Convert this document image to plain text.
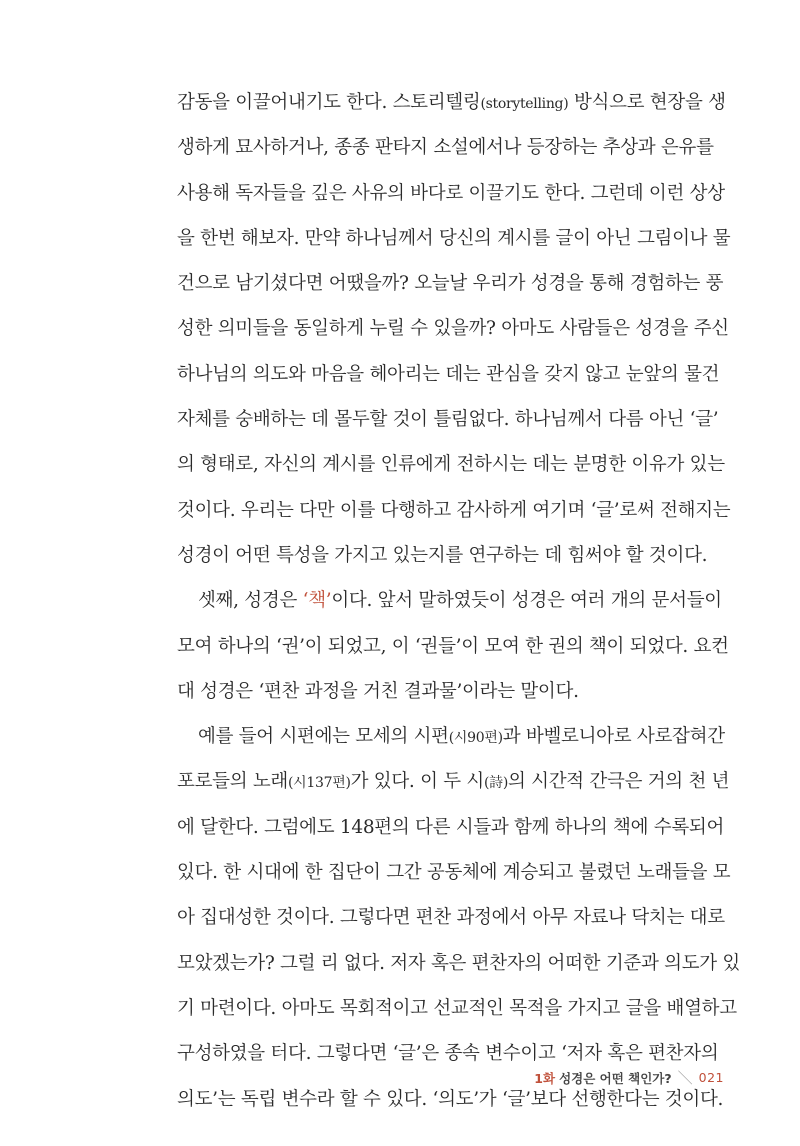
감동을 이끌어내기도 한다. 스토리텔링(storytelling) 방식으로 현장을 생
생하게 묘사하거나, 종종 판타지 소설에서나 등장하는 추상과 은유를
사용해 독자들을 깊은 사유의 바다로 이끌기도 한다. 그런데 이런 상상
을 한번 해보자. 만약 하나님께서 당신의 계시를 글이 아닌 그림이나 물
건으로 남기셨다면 어땠을까? 오늘날 우리가 성경을 통해 경험하는 풍
성한 의미들을 동일하게 누릴 수 있을까? 아마도 사람들은 성경을 주신
하나님의 의도와 마음을 헤아리는 데는 관심을 갖지 않고 눈앞의 물건
자체를 숭배하는 데 몰두할 것이 틀림없다. 하나님께서 다름 아닌 ‘글’
의 형태로, 자신의 계시를 인류에게 전하시는 데는 분명한 이유가 있는
것이다. 우리는 다만 이를 다행하고 감사하게 여기며 ‘글’로써 전해지는
성경이 어떤 특성을 가지고 있는지를 연구하는 데 힘써야 할 것이다.

셋째, 성경은 ‘책’이다. 앞서 말하였듯이 성경은 여러 개의 문서들이
모여 하나의 ‘권’이 되었고, 이 ‘권들’이 모여 한 권의 책이 되었다. 요컨
대 성경은 ‘편찬 과정을 거친 결과물’이라는 말이다.

예를 들어 시편에는 모세의 시편(시90편)과 바벨로니아로 사로잡혀간
포로들의 노래(시137편)가 있다. 이 두 시(詩)의 시간적 간극은 거의 천 년
에 달한다. 그럼에도 148편의 다른 시들과 함께 하나의 책에 수록되어
있다. 한 시대에 한 집단이 그간 공동체에 계승되고 불렸던 노래들을 모
아 집대성한 것이다. 그렇다면 편찬 과정에서 아무 자료나 닥치는 대로
모았겠는가? 그럴 리 없다. 저자 혹은 편찬자의 어떠한 기준과 의도가 있
기 마련이다. 아마도 목회적이고 선교적인 목적을 가지고 글을 배열하고
구성하였을 터다. 그렇다면 ‘글’은 종속 변수이고 ‘저자 혹은 편찬자의
의도’는 독립 변수라 할 수 있다. ‘의도’가 ‘글’보다 선행한다는 것이다.

1화 성경은 어떤 책인가? ＼ 021
